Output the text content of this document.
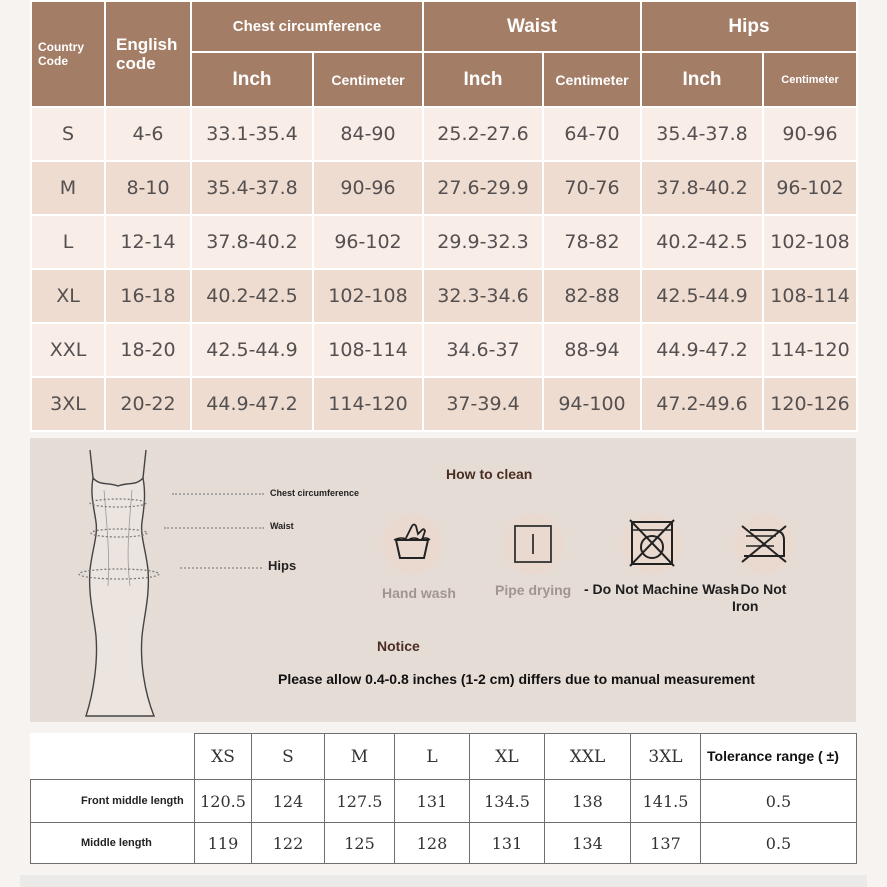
Country Code	English code	Chest circumference		Waist		Hips	
		Inch	Centimeter	Inch	Centimeter	Inch	Centimeter
S	4-6	33.1-35.4	84-90	25.2-27.6	64-70	35.4-37.8	90-96
M	8-10	35.4-37.8	90-96	27.6-29.9	70-76	37.8-40.2	96-102
L	12-14	37.8-40.2	96-102	29.9-32.3	78-82	40.2-42.5	102-108
XL	16-18	40.2-42.5	102-108	32.3-34.6	82-88	42.5-44.9	108-114
XXL	18-20	42.5-44.9	108-114	34.6-37	88-94	44.9-47.2	114-120
3XL	20-22	44.9-47.2	114-120	37-39.4	94-100	47.2-49.6	120-126
Chest circumference
Waist
Hips
How to clean
Hand wash	Pipe drying - Do Not Machine Wash
- Do Not Iron
Notice
Please allow 0.4-0.8 inches (1-2 cm) differs due to manual measurement
	XS	S	M	L	XL	XXL	3XL	Tolerance range ( ±)
Front middle length	120.5	124	127.5	131	134.5	138	141.5	0.5
Middle length	119	122	125	128	131	134	137	0.5
